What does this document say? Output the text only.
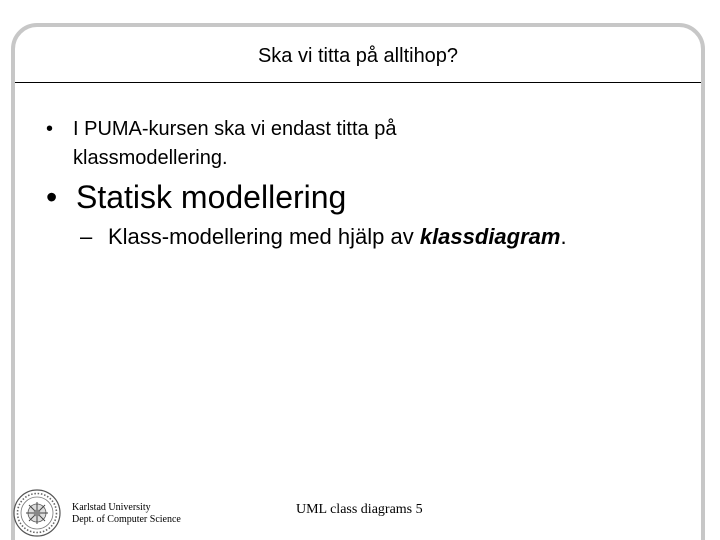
Ska vi titta på alltihop?
• I PUMA-kursen ska vi endast titta på
klassmodellering.
• Statisk modellering
– Klass-modellering med hjälp av klassdiagram.
Karlstad University
Dept. of Computer Science
UML class diagrams 5
